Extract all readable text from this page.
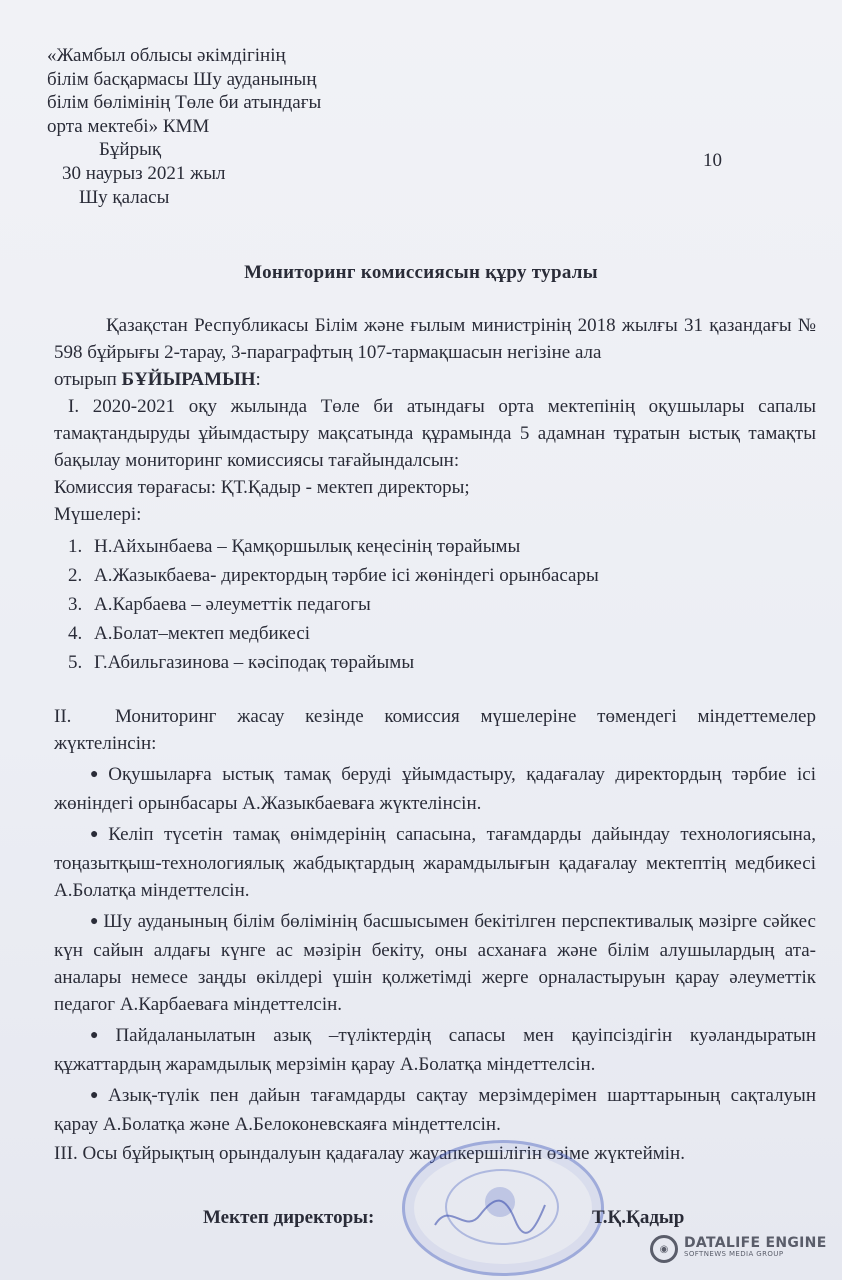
«Жамбыл облысы әкімдігінің
білім басқармасы Шу ауданының
білім бөлімінің Төле би атындағы
орта мектебі» КММ
Бұйрық
30 наурыз 2021 жыл
Шу қаласы
10
Мониторинг комиссиясын құру туралы
Қазақстан Республикасы Білім және ғылым министрінің 2018 жылғы 31 қазандағы № 598 бұйрығы 2-тарау, 3-параграфтың 107-тармақшасын негізіне ала
отырып БҰЙЫРАМЫН:
I. 2020-2021 оқу жылында Төле би атындағы орта мектепінің оқушылары сапалы тамақтандыруды ұйымдастыру мақсатында құрамында 5 адамнан тұратын ыстық тамақты бақылау мониторинг комиссиясы тағайындалсын:
Комиссия төрағасы: ҚТ.Қадыр - мектеп директоры;
Мүшелері:
1. Н.Айхынбаева – Қамқоршылық кеңесінің төрайымы
2. А.Жазыкбаева- директордың тәрбие ісі жөніндегі орынбасары
3. А.Карбаева – әлеуметтік педагогы
4. А.Болат–мектеп медбикесі
5. Г.Абильгазинова – кәсіподақ төрайымы
II. Мониторинг жасау кезінде комиссия мүшелеріне төмендегі міндеттемелер жүктелінсін:
● Оқушыларға ыстық тамақ беруді ұйымдастыру, қадағалау директордың тәрбие ісі жөніндегі орынбасары А.Жазыкбаеваға жүктелінсін.
● Келіп түсетін тамақ өнімдерінің сапасына, тағамдарды дайындау технологиясына, тоңазытқыш-технологиялық жабдықтардың жарамдылығын қадағалау мектептің медбикесі А.Болатқа міндеттелсін.
● Шу ауданының білім бөлімінің басшысымен бекітілген перспективалық мәзірге сәйкес күн сайын алдағы күнге ас мәзірін бекіту, оны асханаға және білім алушылардың ата-аналары немесе заңды өкілдері үшін қолжетімді жерге орналастыруын қарау әлеуметтік педагог А.Карбаеваға міндеттелсін.
● Пайдаланылатын азық –түліктердің сапасы мен қауіпсіздігін куәландыратын құжаттардың жарамдылық мерзімін қарау А.Болатқа міндеттелсін.
● Азық-түлік пен дайын тағамдарды сақтау мерзімдерімен шарттарының сақталуын қарау А.Болатқа және А.Белоконевскаяға міндеттелсін.
III. Осы бұйрықтың орындалуын қадағалау жауапкершілігін өзіме жүктеймін.
Мектеп директоры:	Т.Қ.Қадыр
◉	DATALIFE ENGINE
SOFTNEWS MEDIA GROUP
